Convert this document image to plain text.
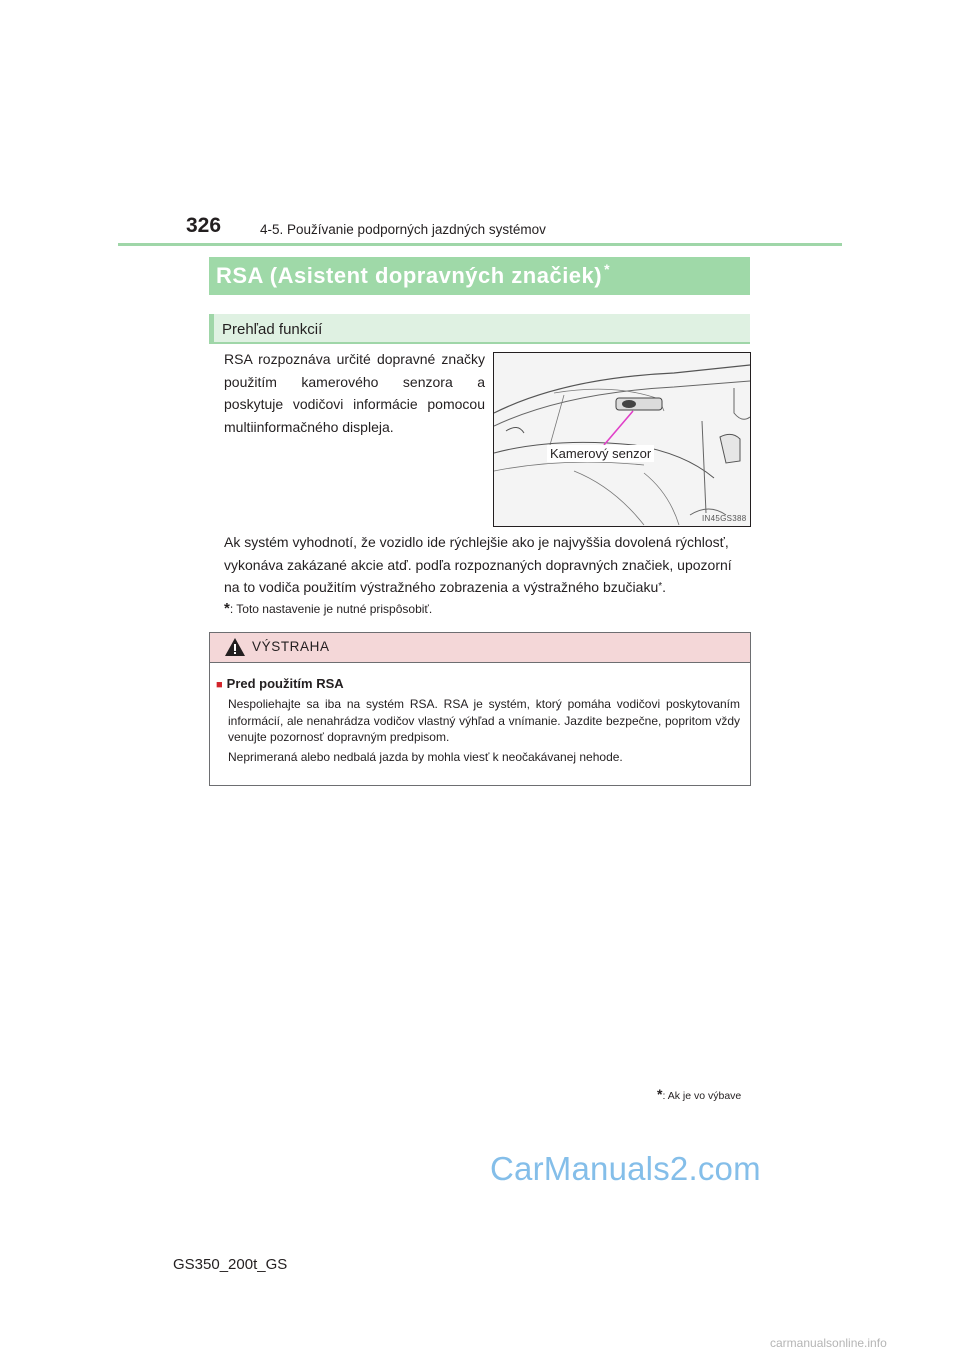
326	4-5. Používanie podporných jazdných systémov
RSA (Asistent dopravných značiek) *
Prehľad funkcií
RSA rozpoznáva určité dopravné značky použitím kamerového senzora a poskytuje vodičovi informácie pomocou multiinformačného displeja.
Kamerový senzor
IN45GS388
Ak systém vyhodnotí, že vozidlo ide rýchlejšie ako je najvyššia dovolená rýchlosť, vykonáva zakázané akcie atď. podľa rozpoznaných dopravných značiek, upozorní na to vodiča použitím výstražného zobrazenia a výstražného bzučiaku*.
*: Toto nastavenie je nutné prispôsobiť.
VÝSTRAHA
■ Pred použitím RSA
Nespoliehajte sa iba na systém RSA. RSA je systém, ktorý pomáha vodičovi poskytovaním informácií, ale nenahrádza vodičov vlastný výhľad a vnímanie. Jazdite bezpečne, popritom vždy venujte pozornosť dopravným predpisom.
Neprimeraná alebo nedbalá jazda by mohla viesť k neočakávanej nehode.
*: Ak je vo výbave
GS350_200t_GS
CarManuals2.com
carmanualsonline.info
